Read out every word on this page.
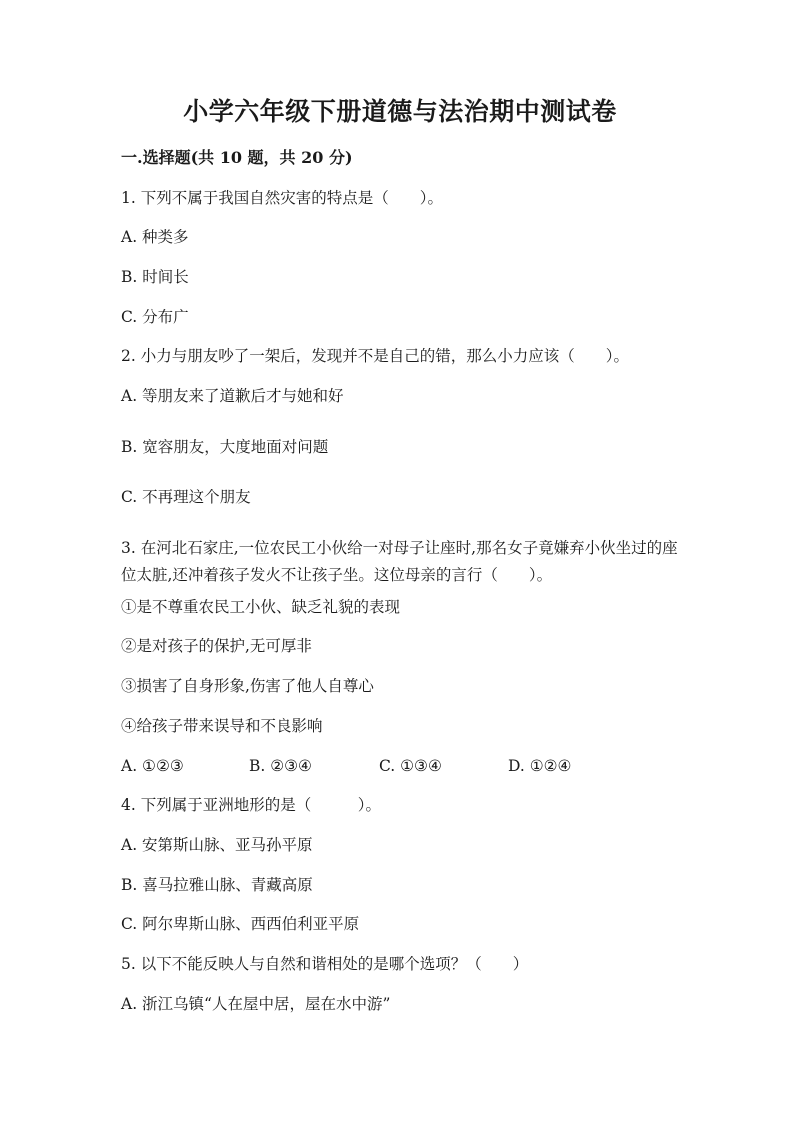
小学六年级下册道德与法治期中测试卷
一.选择题(共 10 题，共 20 分)
1. 下列不属于我国自然灾害的特点是（　　）。
A. 种类多
B. 时间长
C. 分布广
2. 小力与朋友吵了一架后，发现并不是自己的错，那么小力应该（　　）。
A. 等朋友来了道歉后才与她和好
B. 宽容朋友，大度地面对问题
C. 不再理这个朋友
3. 在河北石家庄,一位农民工小伙给一对母子让座时,那名女子竟嫌弃小伙坐过的座位太脏,还冲着孩子发火不让孩子坐。这位母亲的言行（　　）。
①是不尊重农民工小伙、缺乏礼貌的表现
②是对孩子的保护,无可厚非
③损害了自身形象,伤害了他人自尊心
④给孩子带来误导和不良影响
A. ①②③	B. ②③④	C. ①③④	D. ①②④
4. 下列属于亚洲地形的是（　　　）。
A. 安第斯山脉、亚马孙平原
B. 喜马拉雅山脉、青藏高原
C. 阿尔卑斯山脉、西西伯利亚平原
5. 以下不能反映人与自然和谐相处的是哪个选项？（　　）
A. 浙江乌镇“人在屋中居，屋在水中游”
